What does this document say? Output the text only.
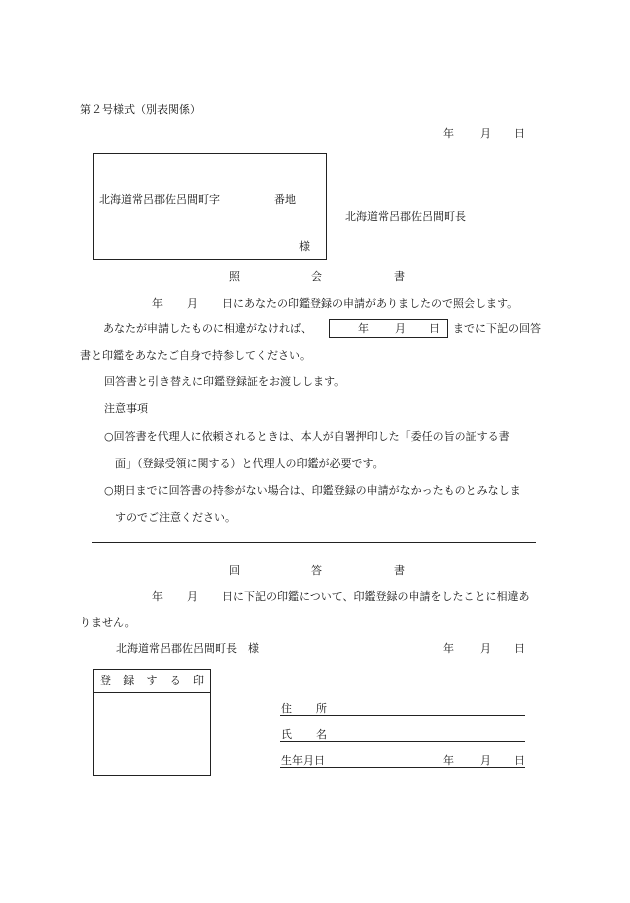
第２号様式（別表関係）
年 月 日
北海道常呂郡佐呂間町字	番地
様
北海道常呂郡佐呂間町長
照	会	書
年 月 日にあなたの印鑑登録の申請がありましたので照会します。
あなたが申請したものに相違がなければ、	年 月 日 までに下記の回答
書と印鑑をあなたご自身で持参してください。
回答書と引き替えに印鑑登録証をお渡しします。
注意事項
○回答書を代理人に依頼されるときは、本人が自署押印した「委任の旨の証する書
面」（登録受領に関する）と代理人の印鑑が必要です。
○期日までに回答書の持参がない場合は、印鑑登録の申請がなかったものとみなしま
すのでご注意ください。
回	答	書
年 月 日に下記の印鑑について、印鑑登録の申請をしたことに相違あ
りません。
北海道常呂郡佐呂間町長　様	年 月 日
登 録 す る 印
住 所
氏 名
生年月日	年 月 日
